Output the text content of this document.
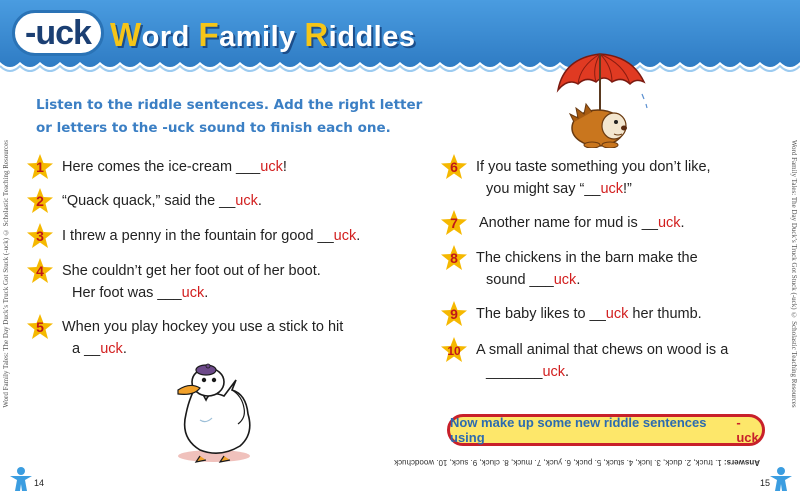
-uck Word Family Riddles
Listen to the riddle sentences. Add the right letter
or letters to the -uck sound to finish each one.
Word Family Tales: The Day Duck’s Truck Got Stuck (-uck) © Scholastic Teaching Resources	Word Family Tales: The Day Duck’s Truck Got Stuck (-uck) © Scholastic Teaching Resources
1	Here comes the ice-cream ___uck!
2	“Quack quack,” said the __uck.
3	I threw a penny in the fountain for good __uck.
4	She couldn’t get her foot out of her boot.
Her foot was ___uck.
5	When you play hockey you use a stick to hit
a __uck.
6	If you taste something you don’t like,
you might say “__uck!”
7	Another name for mud is __uck.
8	The chickens in the barn make the
sound ___uck.
9	The baby likes to __uck her thumb.
10	A small animal that chews on wood is a
_______uck.
Now make up some new riddle sentences using

-uck
Answers: 1. truck, 2. duck, 3. luck, 4. stuck, 5. puck, 6. yuck, 7. muck, 8. cluck, 9. suck, 10. woodchuck
14	15
